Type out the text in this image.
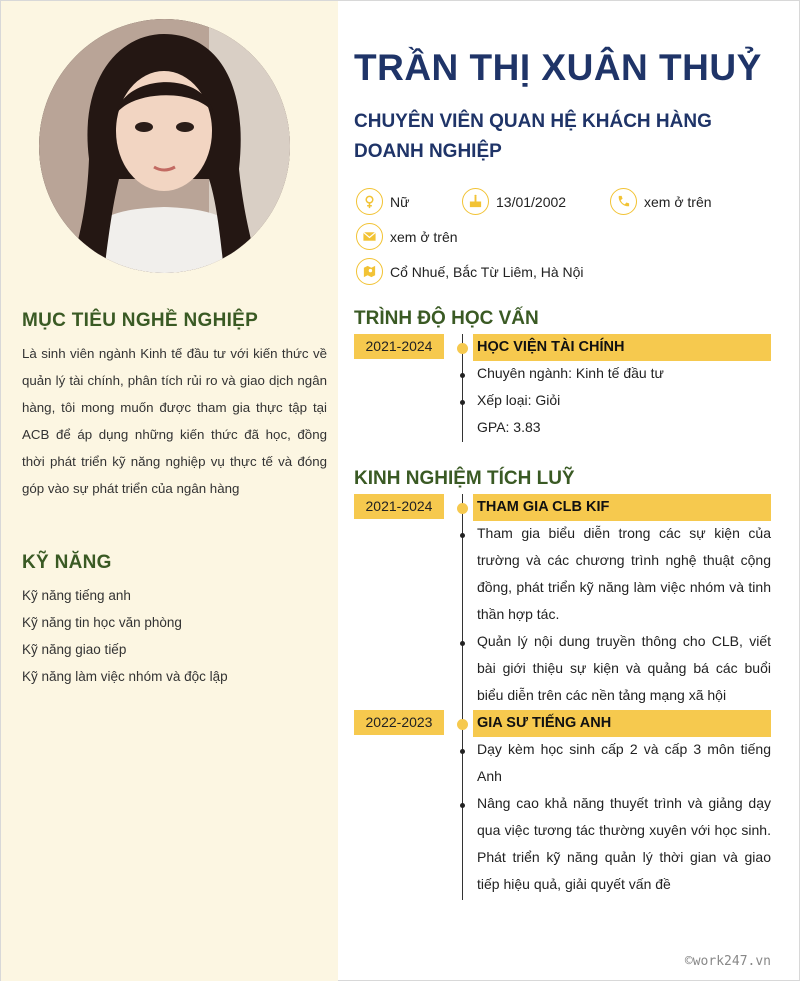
MỤC TIÊU NGHỀ NGHIỆP

Là sinh viên ngành Kinh tế đầu tư với kiến thức về quản lý tài chính, phân tích rủi ro và giao dịch ngân hàng, tôi mong muốn được tham gia thực tập tại ACB để áp dụng những kiến thức đã học, đồng thời phát triển kỹ năng nghiệp vụ thực tế và đóng góp vào sự phát triển của ngân hàng

KỸ NĂNG
Kỹ năng tiếng anh
Kỹ năng tin học văn phòng
Kỹ năng giao tiếp
Kỹ năng làm việc nhóm và độc lập
TRẦN THỊ XUÂN THUỶ
CHUYÊN VIÊN QUAN HỆ KHÁCH HÀNG DOANH NGHIỆP
Nữ	13/01/2002	xem ở trên
xem ở trên
Cổ Nhuế, Bắc Từ Liêm, Hà Nội
TRÌNH ĐỘ HỌC VẤN
2021-2024	HỌC VIỆN TÀI CHÍNH
Chuyên ngành: Kinh tế đầu tư
Xếp loại: Giỏi
GPA: 3.83
KINH NGHIỆM TÍCH LUỸ
2021-2024	THAM GIA CLB KIF
Tham gia biểu diễn trong các sự kiện của trường và các chương trình nghệ thuật cộng đồng, phát triển kỹ năng làm việc nhóm và tinh thần hợp tác.
Quản lý nội dung truyền thông cho CLB, viết bài giới thiệu sự kiện và quảng bá các buổi biểu diễn trên các nền tảng mạng xã hội
2022-2023	GIA SƯ TIẾNG ANH
Dạy kèm học sinh cấp 2 và cấp 3 môn tiếng Anh
Nâng cao khả năng thuyết trình và giảng dạy qua việc tương tác thường xuyên với học sinh. Phát triển kỹ năng quản lý thời gian và giao tiếp hiệu quả, giải quyết vấn đề
©work247.vn
